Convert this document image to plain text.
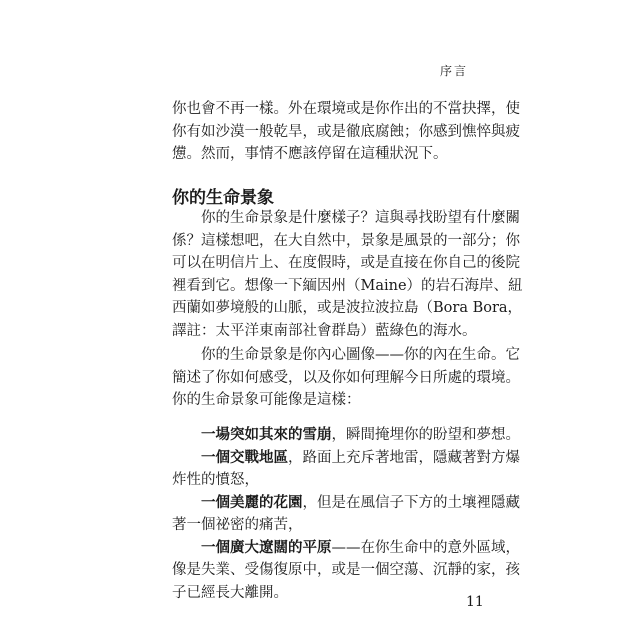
序言

你也會不再一樣。外在環境或是你作出的不當抉擇，使

你有如沙漠一般乾旱，或是徹底腐蝕；你感到憔悴與疲

憊。然而，事情不應該停留在這種狀況下。

你的生命景象

　　你的生命景象是什麼樣子？這與尋找盼望有什麼關

係？這樣想吧，在大自然中，景象是風景的一部分；你

可以在明信片上、在度假時，或是直接在你自己的後院

裡看到它。想像一下緬因州（Maine）的岩石海岸、紐

西蘭如夢境般的山脈，或是波拉波拉島（Bora Bora，

譯註：太平洋東南部社會群島）藍綠色的海水。

　　你的生命景象是你內心圖像——你的內在生命。它

簡述了你如何感受，以及你如何理解今日所處的環境。

你的生命景象可能像是這樣：

　　一場突如其來的雪崩，瞬間掩埋你的盼望和夢想。

　　一個交戰地區，路面上充斥著地雷，隱藏著對方爆

炸性的憤怒，

　　一個美麗的花園，但是在風信子下方的土壤裡隱藏

著一個祕密的痛苦，

　　一個廣大遼闊的平原——在你生命中的意外區域，

像是失業、受傷復原中，或是一個空蕩、沉靜的家，孩

子已經長大離開。

11
